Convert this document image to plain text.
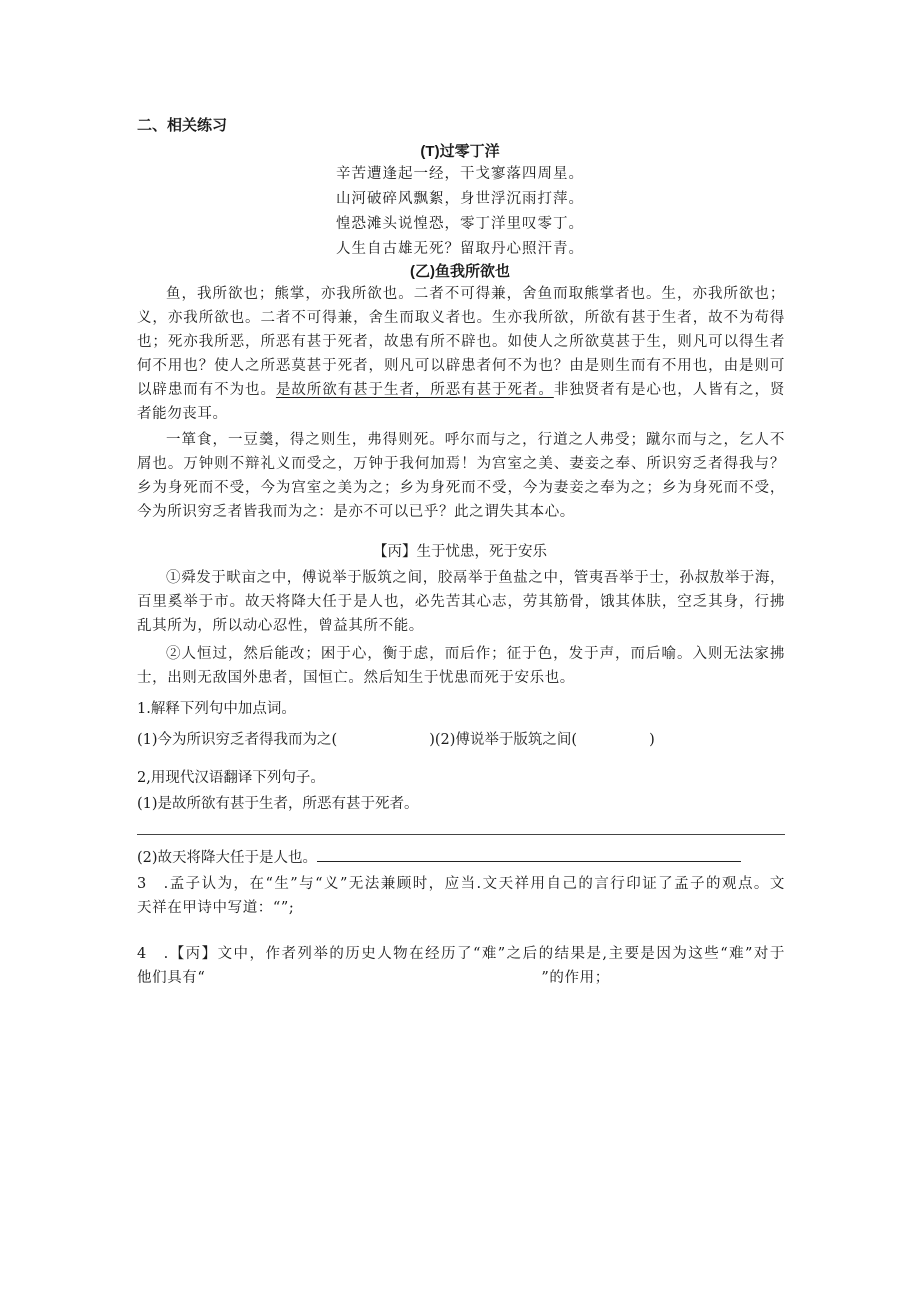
二、相关练习
(T)过零丁洋
辛苦遭逢起一经，干戈寥落四周星。
山河破碎风飘絮，身世浮沉雨打萍。
惶恐滩头说惶恐，零丁洋里叹零丁。
人生自古雄无死？留取丹心照汗青。
(乙)鱼我所欲也
鱼，我所欲也；熊掌，亦我所欲也。二者不可得兼，舍鱼而取熊掌者也。生，亦我所欲也；
义，亦我所欲也。二者不可得兼，舍生而取义者也。生亦我所欲，所欲有甚于生者，故不为苟得
也；死亦我所恶，所恶有甚于死者，故患有所不辟也。如使人之所欲莫甚于生，则凡可以得生者
何不用也？使人之所恶莫甚于死者，则凡可以辟患者何不为也？由是则生而有不用也，由是则可
以辟患而有不为也。是故所欲有甚于生者，所恶有甚于死者。非独贤者有是心也，人皆有之，贤
者能勿丧耳。
一箪食，一豆羹，得之则生，弗得则死。呼尔而与之，行道之人弗受；蹴尔而与之，乞人不
屑也。万钟则不辩礼义而受之，万钟于我何加焉！为宫室之美、妻妾之奉、所识穷乏者得我与？
乡为身死而不受，今为宫室之美为之；乡为身死而不受，今为妻妾之奉为之；乡为身死而不受，
今为所识穷乏者皆我而为之：是亦不可以已乎？此之谓失其本心。
【丙】生于忧患，死于安乐
①舜发于畎亩之中，傅说举于版筑之间，胶鬲举于鱼盐之中，管夷吾举于士，孙叔敖举于海，
百里奚举于市。故天将降大任于是人也，必先苦其心志，劳其筋骨，饿其体肤，空乏其身，行拂
乱其所为，所以动心忍性，曾益其所不能。
②人恒过，然后能改；困于心，衡于虑，而后作；征于色，发于声，而后喻。入则无法家拂
士，出则无敌国外患者，国恒亡。然后知生于忧患而死于安乐也。
1.解释下列句中加点词。
(1)今为所识穷乏者得我而为之(	)(2)傅说举于版筑之间(	)
2,用现代汉语翻译下列句子。
(1)是故所欲有甚于生者，所恶有甚于死者。
(2)故天将降大任于是人也。
3　.孟子认为，在“生”与“义”无法兼顾时，应当.文天祥用自己的言行印证了孟子的观点。文
天祥在甲诗中写道：“”;
4　.【丙】文中，作者列举的历史人物在经历了“难”之后的结果是,主要是因为这些“难”对于
他们具有“	”的作用；
